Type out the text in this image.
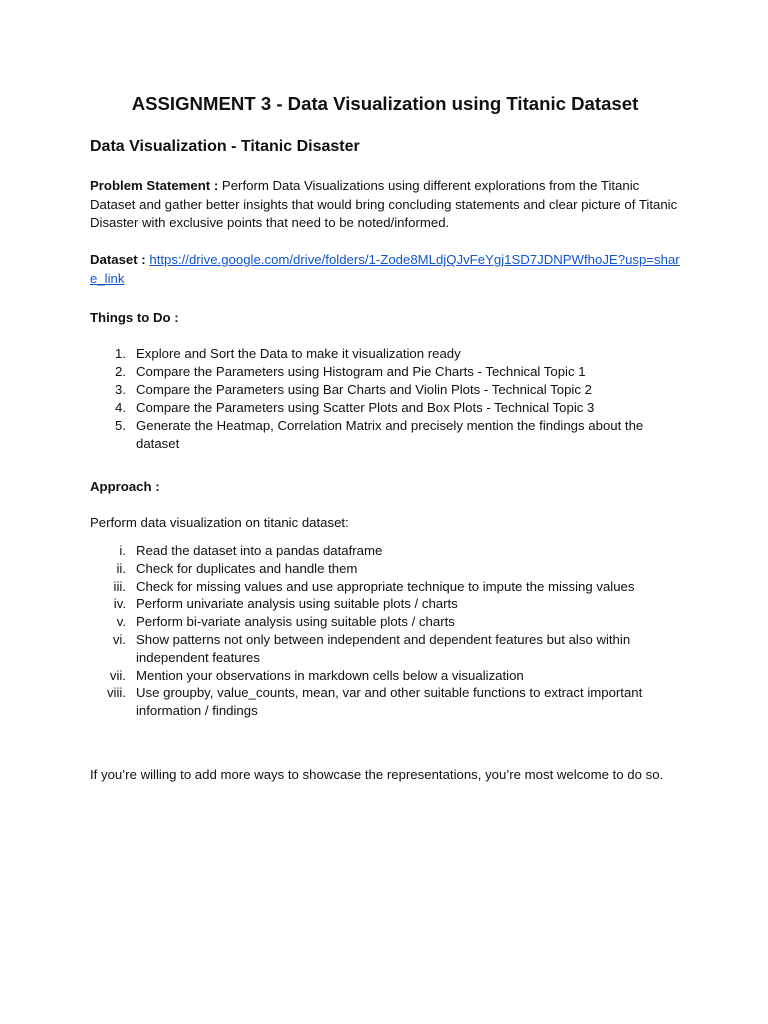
ASSIGNMENT 3 - Data Visualization using Titanic Dataset
Data Visualization - Titanic Disaster

Problem Statement : Perform Data Visualizations using different explorations from the Titanic Dataset and gather better insights that would bring concluding statements and clear picture of Titanic Disaster with exclusive points that need to be noted/informed.

Dataset : https://drive.google.com/drive/folders/1-Zode8MLdjQJvFeYgj1SD7JDNPWfhoJE?usp=share_link

Things to Do :

1. Explore and Sort the Data to make it visualization ready
2. Compare the Parameters using Histogram and Pie Charts - Technical Topic 1
3. Compare the Parameters using Bar Charts and Violin Plots - Technical Topic 2
4. Compare the Parameters using Scatter Plots and Box Plots - Technical Topic 3
5. Generate the Heatmap, Correlation Matrix and precisely mention the findings about the dataset

Approach :

Perform data visualization on titanic dataset:

i. Read the dataset into a pandas dataframe
ii. Check for duplicates and handle them
iii. Check for missing values and use appropriate technique to impute the missing values
iv. Perform univariate analysis using suitable plots / charts
v. Perform bi-variate analysis using suitable plots / charts
vi. Show patterns not only between independent and dependent features but also within independent features
vii. Mention your observations in markdown cells below a visualization
viii. Use groupby, value_counts, mean, var and other suitable functions to extract important information / findings

If you’re willing to add more ways to showcase the representations, you’re most welcome to do so.
